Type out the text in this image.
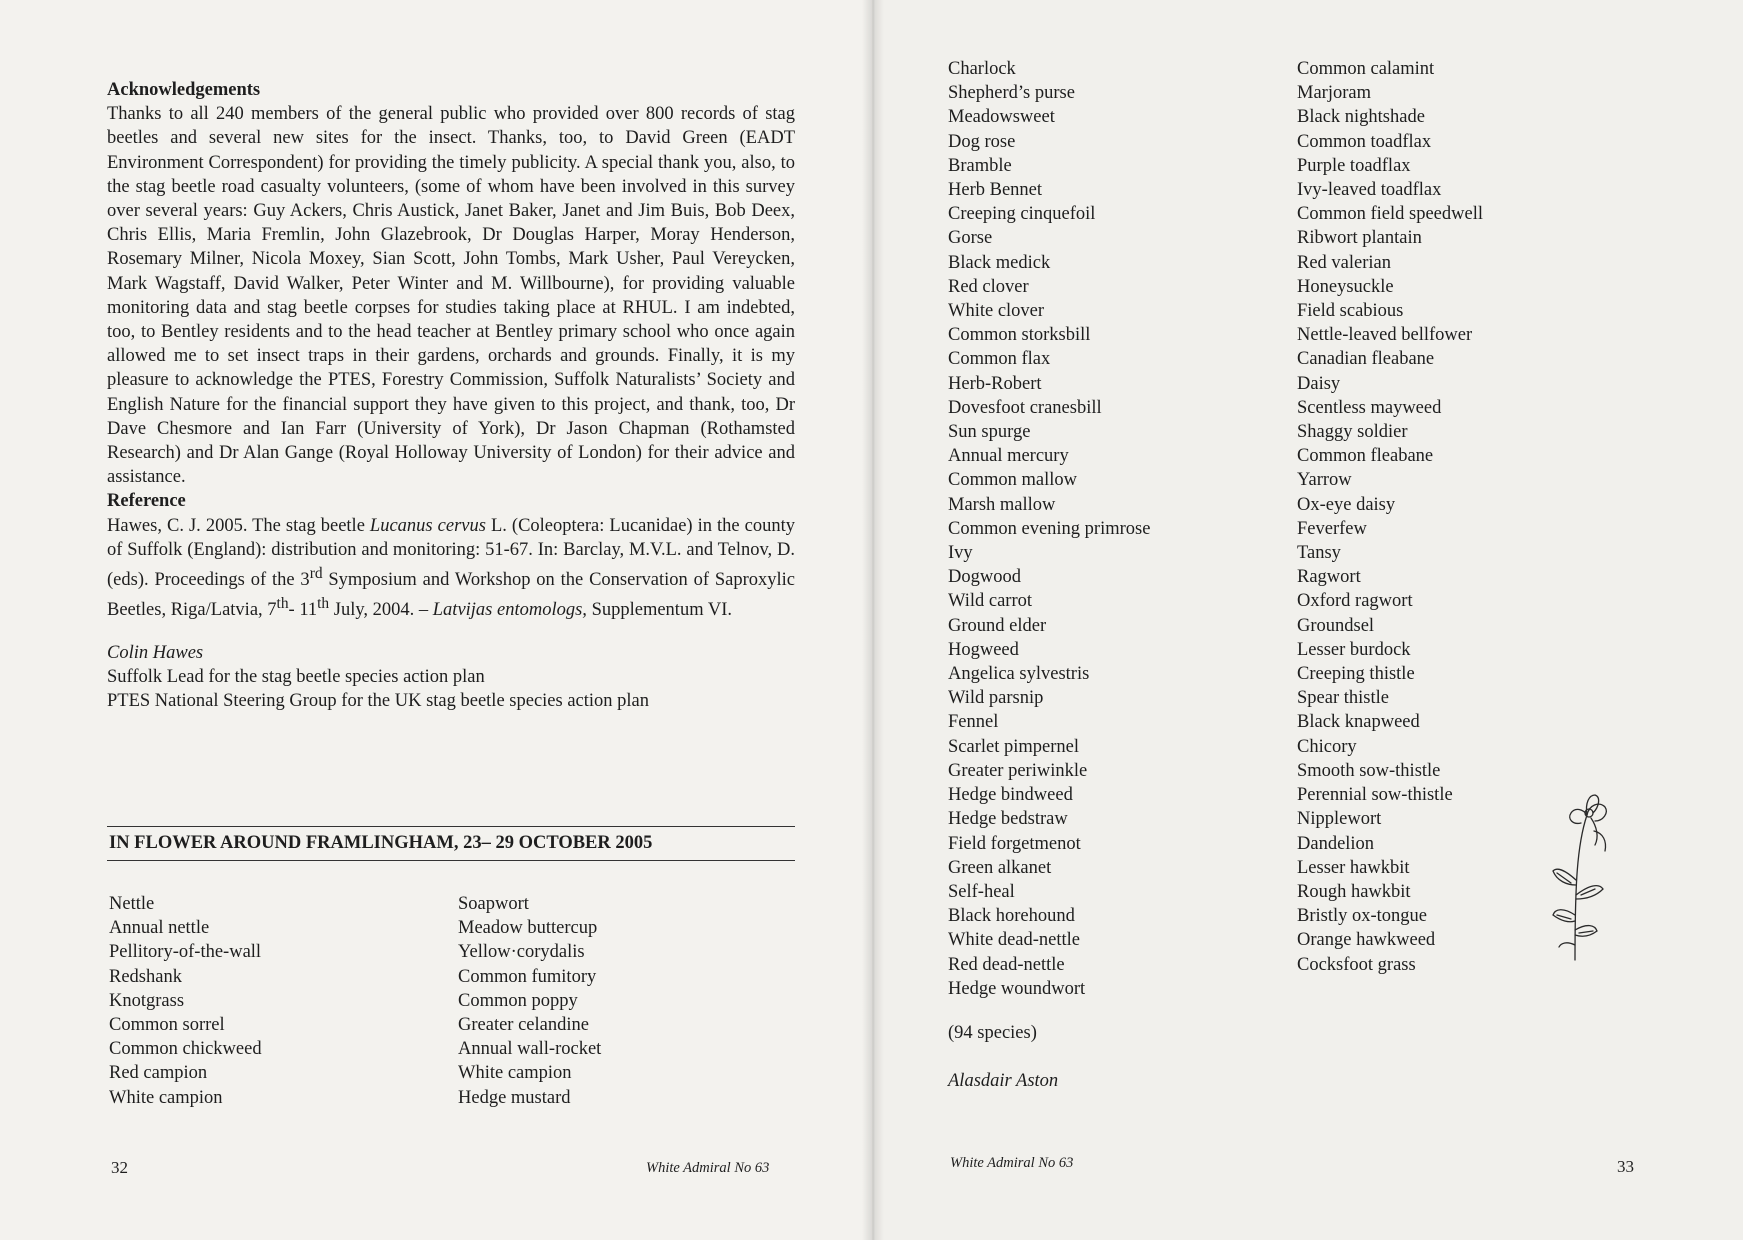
Acknowledgements

Thanks to all 240 members of the general public who provided over 800 records of stag beetles and several new sites for the insect. Thanks, too, to David Green (EADT Environment Correspondent) for providing the timely publicity. A special thank you, also, to the stag beetle road casualty volunteers, (some of whom have been involved in this survey over several years: Guy Ackers, Chris Austick, Janet Baker, Janet and Jim Buis, Bob Deex, Chris Ellis, Maria Fremlin, John Glazebrook, Dr Douglas Harper, Moray Henderson, Rosemary Milner, Nicola Moxey, Sian Scott, John Tombs, Mark Usher, Paul Vereycken, Mark Wagstaff, David Walker, Peter Winter and M. Willbourne), for providing valuable monitoring data and stag beetle corpses for studies taking place at RHUL. I am indebted, too, to Bentley residents and to the head teacher at Bentley primary school who once again allowed me to set insect traps in their gardens, orchards and grounds. Finally, it is my pleasure to acknowledge the PTES, Forestry Commission, Suffolk Naturalists’ Society and English Nature for the financial support they have given to this project, and thank, too, Dr Dave Chesmore and Ian Farr (University of York), Dr Jason Chapman (Rothamsted Research) and Dr Alan Gange (Royal Holloway University of London) for their advice and assistance.

Reference

Hawes, C. J. 2005. The stag beetle Lucanus cervus L. (Coleoptera: Lucanidae) in the county of Suffolk (England): distribution and monitoring: 51-67. In: Barclay, M.V.L. and Telnov, D. (eds). Proceedings of the 3rd Symposium and Workshop on the Conservation of Saproxylic Beetles, Riga/Latvia, 7th- 11th July, 2004. – Latvijas entomologs, Supplementum VI.

Colin Hawes

Suffolk Lead for the stag beetle species action plan

PTES National Steering Group for the UK stag beetle species action plan

IN FLOWER AROUND FRAMLINGHAM, 23– 29 OCTOBER 2005
Nettle
Annual nettle
Pellitory-of-the-wall
Redshank
Knotgrass
Common sorrel
Common chickweed
Red campion
White campion
Soapwort
Meadow buttercup
Yellow·corydalis
Common fumitory
Common poppy
Greater celandine
Annual wall-rocket
White campion
Hedge mustard
32	White Admiral No 63
Charlock
Shepherd’s purse
Meadowsweet
Dog rose
Bramble
Herb Bennet
Creeping cinquefoil
Gorse
Black medick
Red clover
White clover
Common storksbill
Common flax
Herb-Robert
Dovesfoot cranesbill
Sun spurge
Annual mercury
Common mallow
Marsh mallow
Common evening primrose
Ivy
Dogwood
Wild carrot
Ground elder
Hogweed
Angelica sylvestris
Wild parsnip
Fennel
Scarlet pimpernel
Greater periwinkle
Hedge bindweed
Hedge bedstraw
Field forgetmenot
Green alkanet
Self-heal
Black horehound
White dead-nettle
Red dead-nettle
Hedge woundwort
Common calamint
Marjoram
Black nightshade
Common toadflax
Purple toadflax
Ivy-leaved toadflax
Common field speedwell
Ribwort plantain
Red valerian
Honeysuckle
Field scabious
Nettle-leaved bellfower
Canadian fleabane
Daisy
Scentless mayweed
Shaggy soldier
Common fleabane
Yarrow
Ox-eye daisy
Feverfew
Tansy
Ragwort
Oxford ragwort
Groundsel
Lesser burdock
Creeping thistle
Spear thistle
Black knapweed
Chicory
Smooth sow-thistle
Perennial sow-thistle
Nipplewort
Dandelion
Lesser hawkbit
Rough hawkbit
Bristly ox-tongue
Orange hawkweed
Cocksfoot grass
(94 species)
Alasdair Aston
White Admiral No 63	33
